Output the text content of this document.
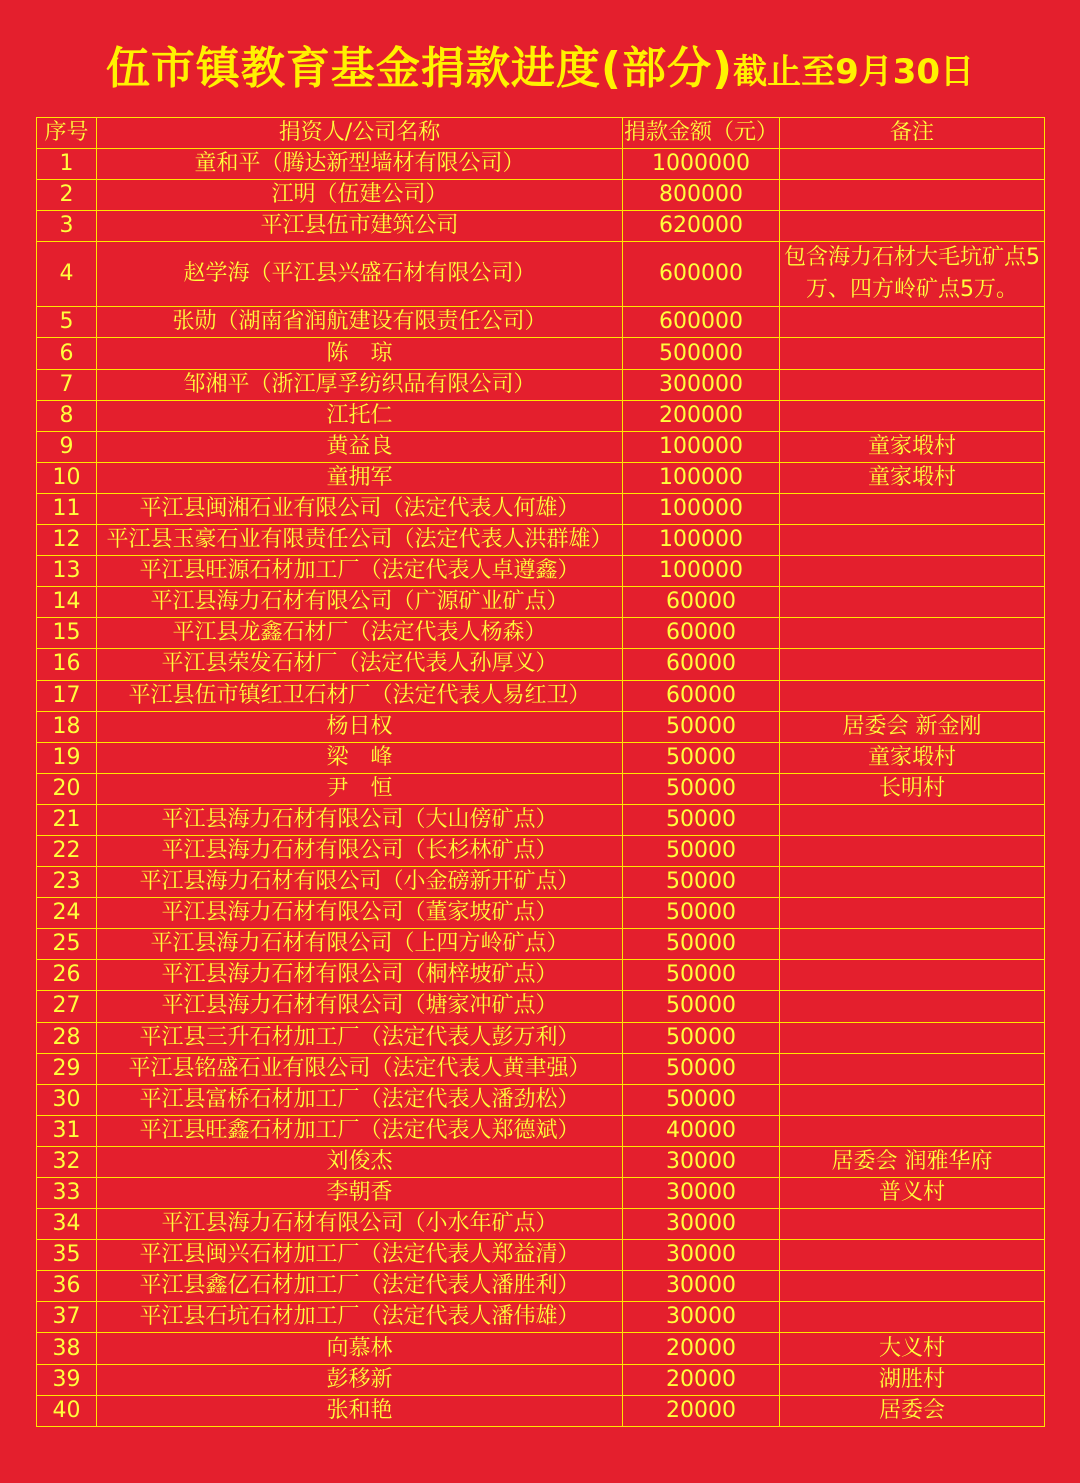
伍市镇教育基金捐款进度(部分)截止至9月30日
序号	捐资人/公司名称	捐款金额（元）	备注
1	童和平（腾达新型墙材有限公司）	1000000	
2	江明（伍建公司）	800000	
3	平江县伍市建筑公司	620000	
4	赵学海（平江县兴盛石材有限公司）	600000	包含海力石材大毛坑矿点5万、四方岭矿点5万。
5	张勋（湖南省润航建设有限责任公司）	600000	
6	陈　琼	500000	
7	邹湘平（浙江厚孚纺织品有限公司）	300000	
8	江托仁	200000	
9	黄益良	100000	童家塅村
10	童拥军	100000	童家塅村
11	平江县闽湘石业有限公司（法定代表人何雄）	100000	
12	平江县玉豪石业有限责任公司（法定代表人洪群雄）	100000	
13	平江县旺源石材加工厂（法定代表人卓遵鑫）	100000	
14	平江县海力石材有限公司（广源矿业矿点）	60000	
15	平江县龙鑫石材厂（法定代表人杨森）	60000	
16	平江县荣发石材厂（法定代表人孙厚义）	60000	
17	平江县伍市镇红卫石材厂（法定代表人易红卫）	60000	
18	杨日权	50000	居委会 新金刚
19	梁　峰	50000	童家塅村
20	尹　恒	50000	长明村
21	平江县海力石材有限公司（大山傍矿点）	50000	
22	平江县海力石材有限公司（长杉林矿点）	50000	
23	平江县海力石材有限公司（小金磅新开矿点）	50000	
24	平江县海力石材有限公司（董家坡矿点）	50000	
25	平江县海力石材有限公司（上四方岭矿点）	50000	
26	平江县海力石材有限公司（桐梓坡矿点）	50000	
27	平江县海力石材有限公司（塘家冲矿点）	50000	
28	平江县三升石材加工厂（法定代表人彭万利）	50000	
29	平江县铭盛石业有限公司（法定代表人黄聿强）	50000	
30	平江县富桥石材加工厂（法定代表人潘劲松）	50000	
31	平江县旺鑫石材加工厂（法定代表人郑德斌）	40000	
32	刘俊杰	30000	居委会 润雅华府
33	李朝香	30000	普义村
34	平江县海力石材有限公司（小水年矿点）	30000	
35	平江县闽兴石材加工厂（法定代表人郑益清）	30000	
36	平江县鑫亿石材加工厂（法定代表人潘胜利）	30000	
37	平江县石坑石材加工厂（法定代表人潘伟雄）	30000	
38	向慕林	20000	大义村
39	彭移新	20000	湖胜村
40	张和艳	20000	居委会
